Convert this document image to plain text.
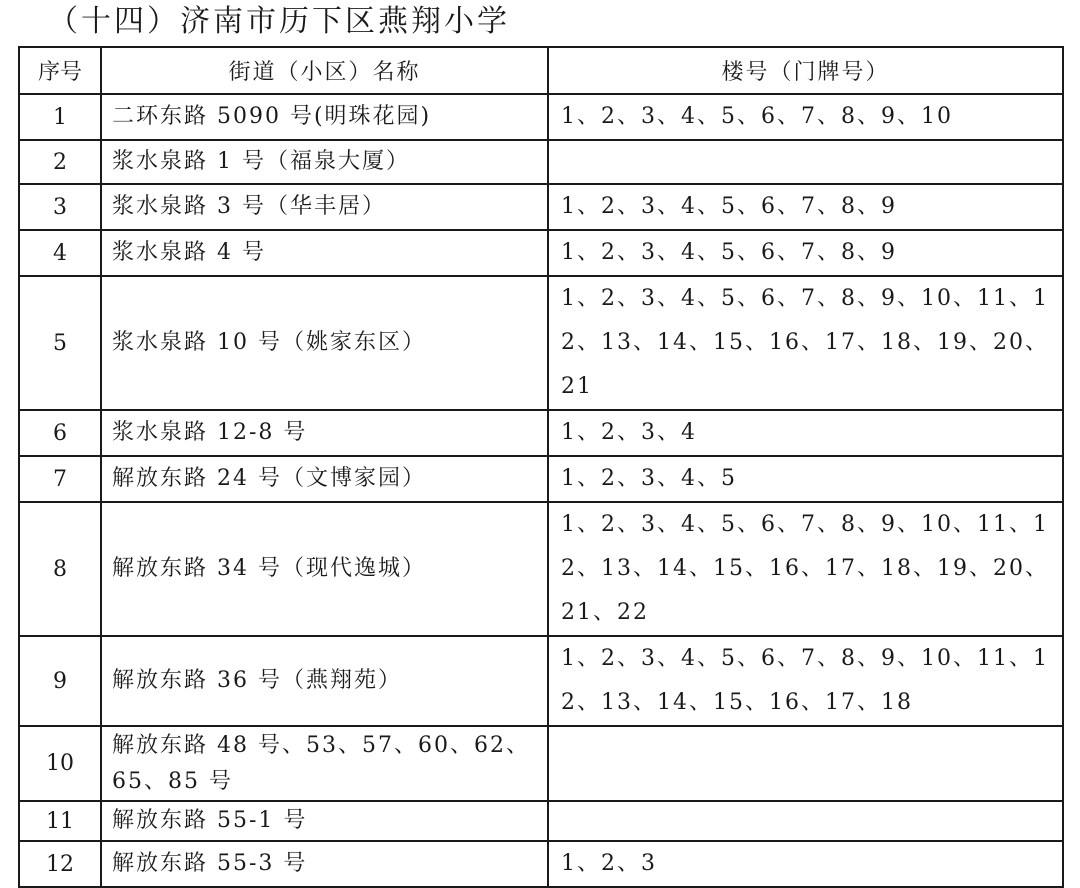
（十四）济南市历下区燕翔小学
序号	街道（小区）名称	楼号（门牌号）
1	二环东路 5090 号(明珠花园)	1、2、3、4、5、6、7、8、9、10
2	浆水泉路 1 号（福泉大厦）	
3	浆水泉路 3 号（华丰居）	1、2、3、4、5、6、7、8、9
4	浆水泉路 4 号	1、2、3、4、5、6、7、8、9
5	浆水泉路 10 号（姚家东区）	1、2、3、4、5、6、7、8、9、10、11、12、13、14、15、16、17、18、19、20、21
6	浆水泉路 12-8 号	1、2、3、4
7	解放东路 24 号（文博家园）	1、2、3、4、5
8	解放东路 34 号（现代逸城）	1、2、3、4、5、6、7、8、9、10、11、12、13、14、15、16、17、18、19、20、21、22
9	解放东路 36 号（燕翔苑）	1、2、3、4、5、6、7、8、9、10、11、12、13、14、15、16、17、18
10	解放东路 48 号、53、57、60、62、65、85 号	
11	解放东路 55-1 号	
12	解放东路 55-3 号	1、2、3
